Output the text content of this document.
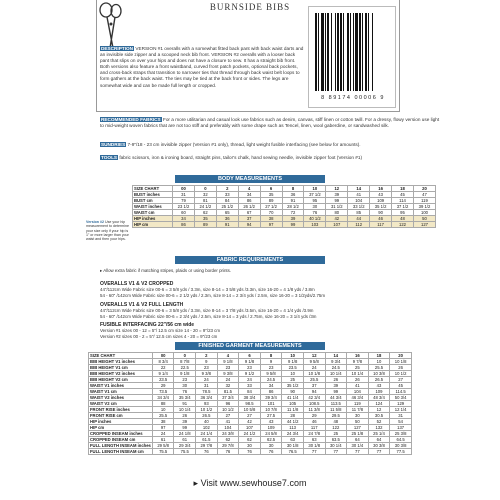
BURNSIDE BIBS
8 89174 00006 9
DESCRIPTION VERSION #1 overalls with a somewhat fitted back pant with back waist darts and an invisible side zipper and a scooped neck bib front. VERSION #2 overalls with a looser back pant that slips on over your hips and does not have a closure to sew. It has a straight bib front. Both versions also feature a front waistband, curved front patch pockets, optional back pockets, and cross-back straps that transition to narrower ties that thread through back waist belt loops to form gathers at the back waist. The ties may be tied at the back front or sides. The legs are somewhat wide and can be made full length or cropped.
RECOMMENDED FABRICS For a more utilitarian and casual look use fabrics such as denim, canvas, stiff linen or cotton twill. For a dressy, flowy version use light to mid-weight woven fabrics that are not too stiff and preferably with some drape such as Tencel, linen, wool gaberdine, or sandwashed silk.
SUNDRIES 7-9"/18 - 23 cm invisible zipper (Version #1 only), thread, light weight fusible interfacing (see below for amounts).
TOOLS fabric scissors, iron & ironing board, straight pins, tailor's chalk, hand sewing needle, invisible zipper foot (Version #1)
BODY MEASUREMENTS
SIZE CHART	00	0	2	4	6	8	10	12	14	16	18	20
BUST inches	31	32	33	34	35	36	37 1/2	39	41	43	45	47
BUST cm	79	81	84	86	89	91	95	99	104	109	114	119
WAIST inches	23 1/2	24 1/2	25 1/2	26 1/2	27 1/2	28 1/2	30	31 1/2	33 1/2	35 1/2	37 1/2	39 1/2
WAIST cm	60	62	65	67	70	72	76	80	85	90	95	100
HIP inches	34	35	36	37	38	39	40 1/2	42	44	46	48	50
HIP cm	86	89	91	94	97	99	103	107	112	117	122	127
Version #2 Use your hip measurement to determine your size only if your hip is 1" or more larger than your waist and then your hips.
FABRIC REQUIREMENTS
▸ Allow extra fabric if matching stripes, plaids or using border prints.
OVERALLS V1 & V2 CROPPED
44"/112cm Wide Fabric size 00-6 = 3 5/8 yds / 3.3m, size 8-14 = 3 5/8 yds /3.3m, size 16-20 = 4 1/8 yds / 3.8m
54 - 60" /142cm Wide Fabric size 00-6 = 2 1/2 yds / 2.3m, size 8-14 = 2 3/4 yds / 2.5m, size 16-20 = 3 1/2yds/2.75m
OVERALLS V1 & V2 FULL LENGTH
44"/112cm Wide Fabric size 00-6 = 3 5/8 yds / 3.3m, size 8-14 = 3 7/8 yds /3.5m, size 16-20 = 4 1/4 yds /3.9m
54 - 60" /142cm Wide Fabric size 00-6 = 2 3/4 yds / 2.5m, size 8-14 = 3 yds / 2.75m, size 16-20 = 3 1/4 yds /3m
FUSIBLE INTERFACING 22"/56 cm wide
Version #1 sizes 00 - 12 = 5"/ 12.5 cm size 14 - 20 = 9"/23 cm
Version #2 sizes 00 - 2 = 5"/ 12.5 cm sizes 4 - 20 = 9"/23 cm
FINISHED GARMENT MEASUREMENTS
SIZE CHART	00	0	2	4	6	8	10	12	14	16	18	20
BIB HEIGHT V1 inches	8 3/4	8 7/8	9	9 1/8	9 1/8	9	9 1/8	9 5/8	9 3/4	9 7/8	10	10 1/8
BIB HEIGHT V1 cm	22	22.5	23	23	23	23	23.5	24	24.5	25	25.5	26
BIB HEIGHT V2 inches	9 1/4	9 1/8	9 3/8	9 3/8	9 1/2	9 5/8	10	10 1/8	10 1/4	10 1/4	10 3/8	10 1/2
BIB HEIGHT V2 cm	23.5	23	24	24	24	24.5	25	25.5	26	26	26.5	27
WAIST V1 inches	29	30	31	32	33	34	35 1/2	37	39	41	43	45
WAIST V1 cm	73.5	76	78.5	81.5	84	86	90	94	99	104	109	114.5
WAIST V2 inches	34 3/4	35 3/4	36 3/4	37 3/4	38 3/4	39 3/4	41 1/4	42 3/4	44 3/4	46 3/4	48 3/4	50 3/4
WAIST V2 cm	88	91	93	96	98.5	101	105	108.5	113.5	119	124	129
FRONT RISE inches	10	10 1/4	10 1/2	10 1/2	10 5/8	10 7/8	11 1/8	11 3/8	11 5/8	11 7/8	12	12 1/4
FRONT RISE cm	25.5	26	26.5	27	27	27.5	28	29	29.5	30	30.5	31
HIP inches	38	39	40	41	42	43	44 1/2	46	48	50	52	54
HIP cm	97	99	102	104	107	109	113	117	122	127	132	137
CROPPED INSEAM inches	24	24 1/8	24 1/4	24 3/8	24 1/2	24 5/8	24 3/4	24 7/8	25	25 1/8	25 1/4	25 3/8
CROPPED INSEAM cm	61	61	61.5	62	62	62.5	63	63	63.5	64	64	64.5
FULL LENGTH INSEAM inches	29 5/8	29 3/4	29 7/8	29 7/8	30	30	30 1/8	30 1/8	30 1/4	30 1/4	30 3/8	30 3/8
FULL LENGTH INSEAM cm	75.5	75.5	76	76	76	76	76.5	77	77	77	77	77.5
▸ Visit www.sewhouse7.com
